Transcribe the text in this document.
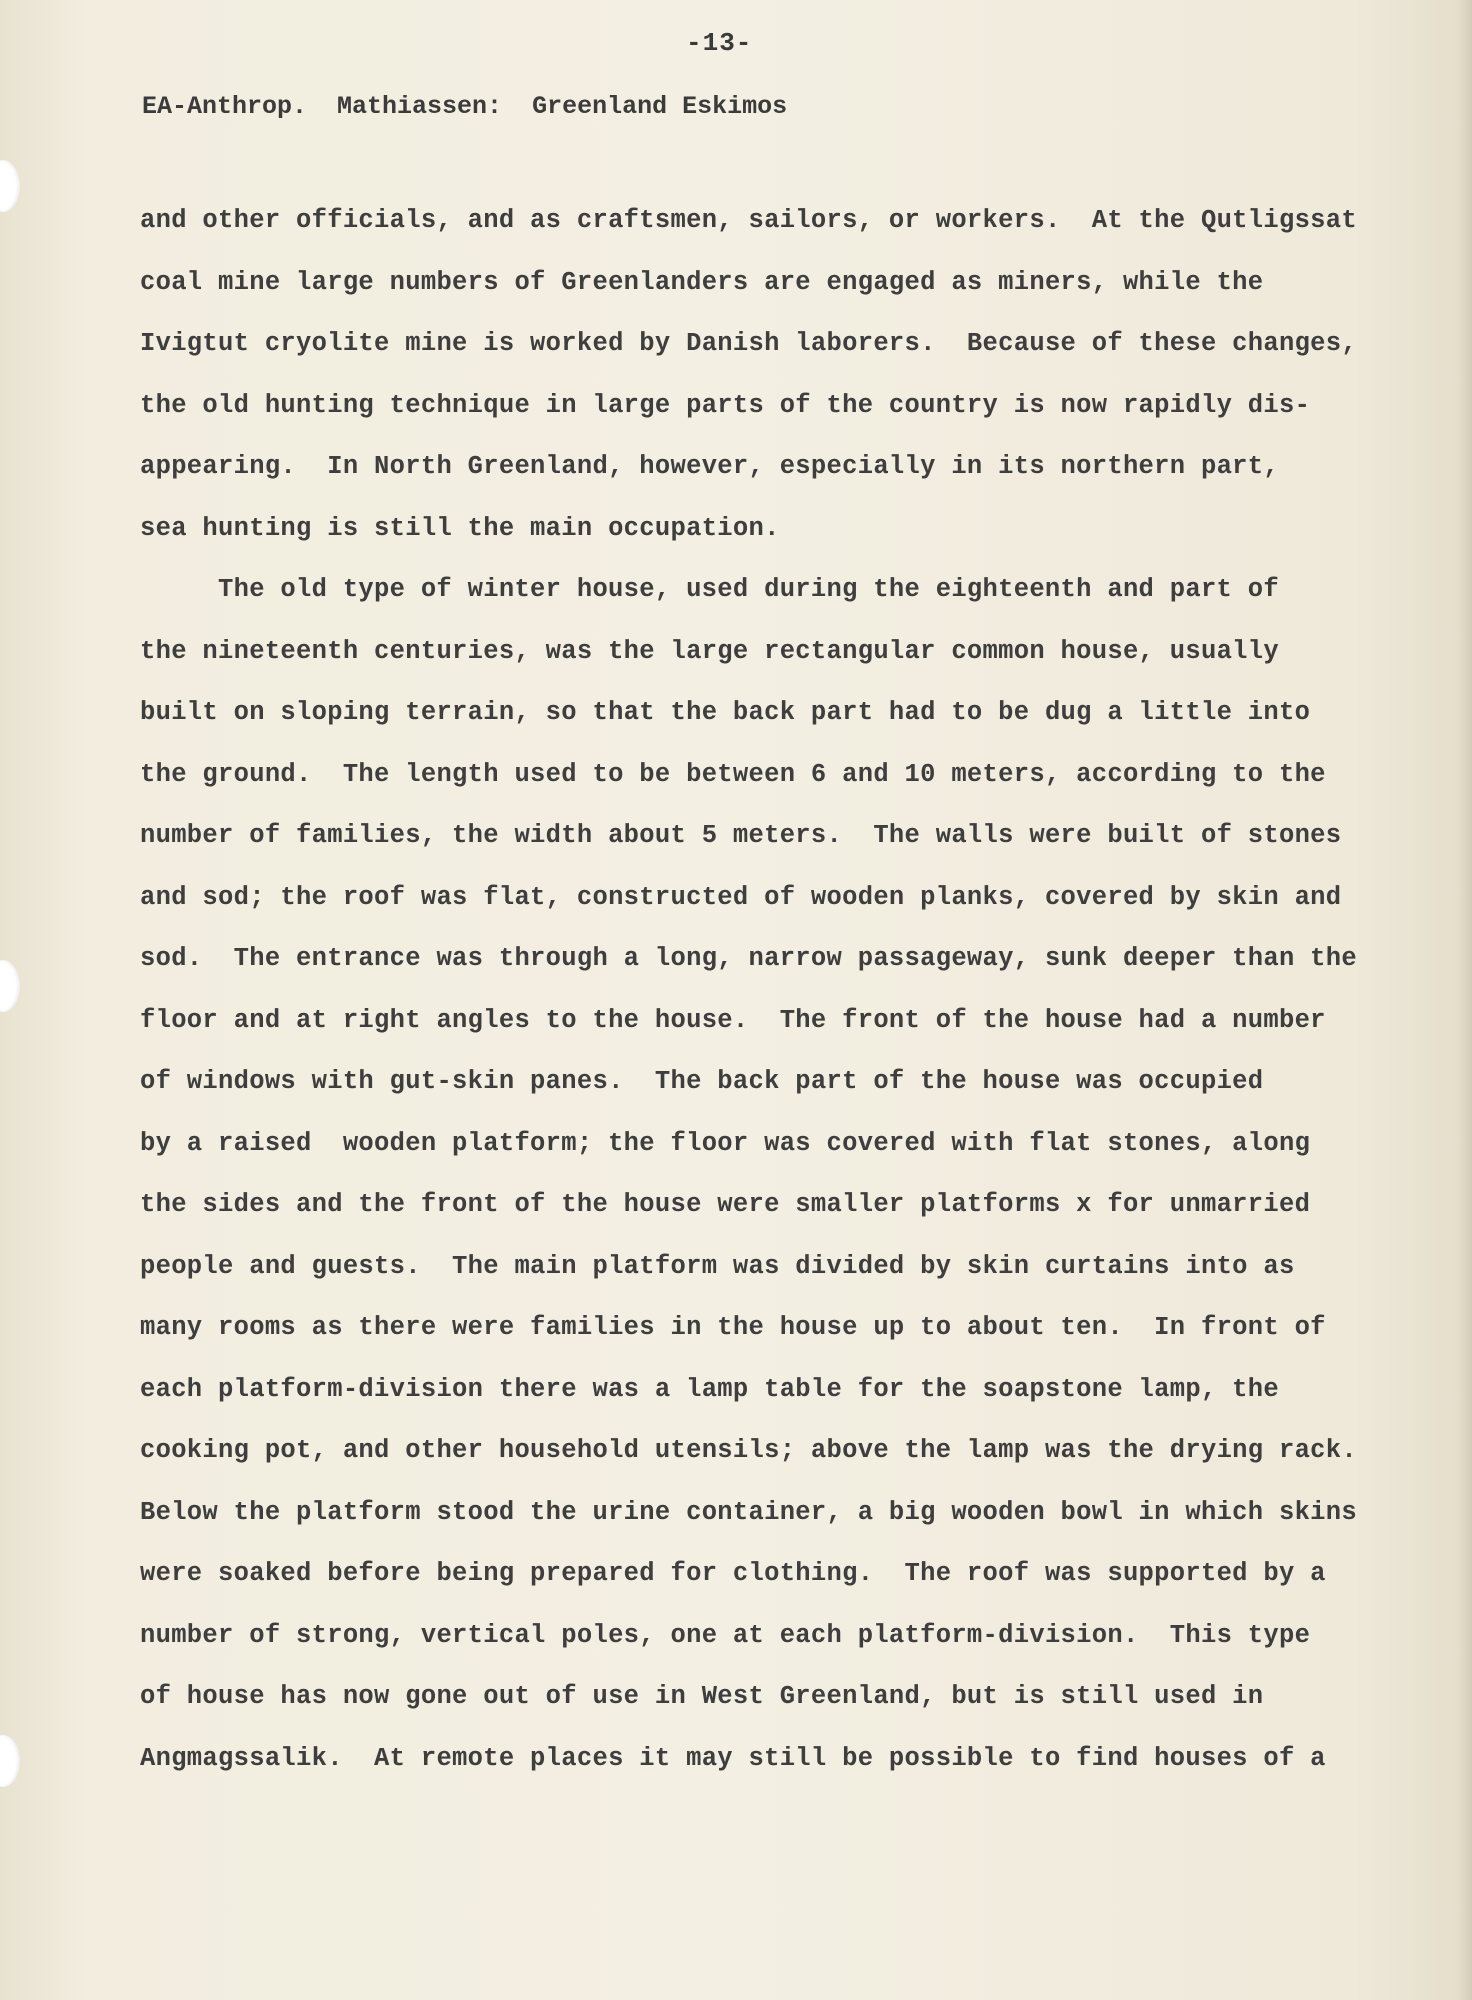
-13-
EA-Anthrop.  Mathiassen:  Greenland Eskimos
and other officials, and as craftsmen, sailors, or workers.  At the Qutligssat
coal mine large numbers of Greenlanders are engaged as miners, while the
Ivigtut cryolite mine is worked by Danish laborers.  Because of these changes,
the old hunting technique in large parts of the country is now rapidly dis-
appearing.  In North Greenland, however, especially in its northern part,
sea hunting is still the main occupation.
The old type of winter house, used during the eighteenth and part of
the nineteenth centuries, was the large rectangular common house, usually
built on sloping terrain, so that the back part had to be dug a little into
the ground.  The length used to be between 6 and 10 meters, according to the
number of families, the width about 5 meters.  The walls were built of stones
and sod; the roof was flat, constructed of wooden planks, covered by skin and
sod.  The entrance was through a long, narrow passageway, sunk deeper than the
floor and at right angles to the house.  The front of the house had a number
of windows with gut-skin panes.  The back part of the house was occupied
by a raised  wooden platform; the floor was covered with flat stones, along
the sides and the front of the house were smaller platforms x for unmarried
people and guests.  The main platform was divided by skin curtains into as
many rooms as there were families in the house up to about ten.  In front of
each platform-division there was a lamp table for the soapstone lamp, the
cooking pot, and other household utensils; above the lamp was the drying rack.
Below the platform stood the urine container, a big wooden bowl in which skins
were soaked before being prepared for clothing.  The roof was supported by a
number of strong, vertical poles, one at each platform-division.  This type
of house has now gone out of use in West Greenland, but is still used in
Angmagssalik.  At remote places it may still be possible to find houses of a
